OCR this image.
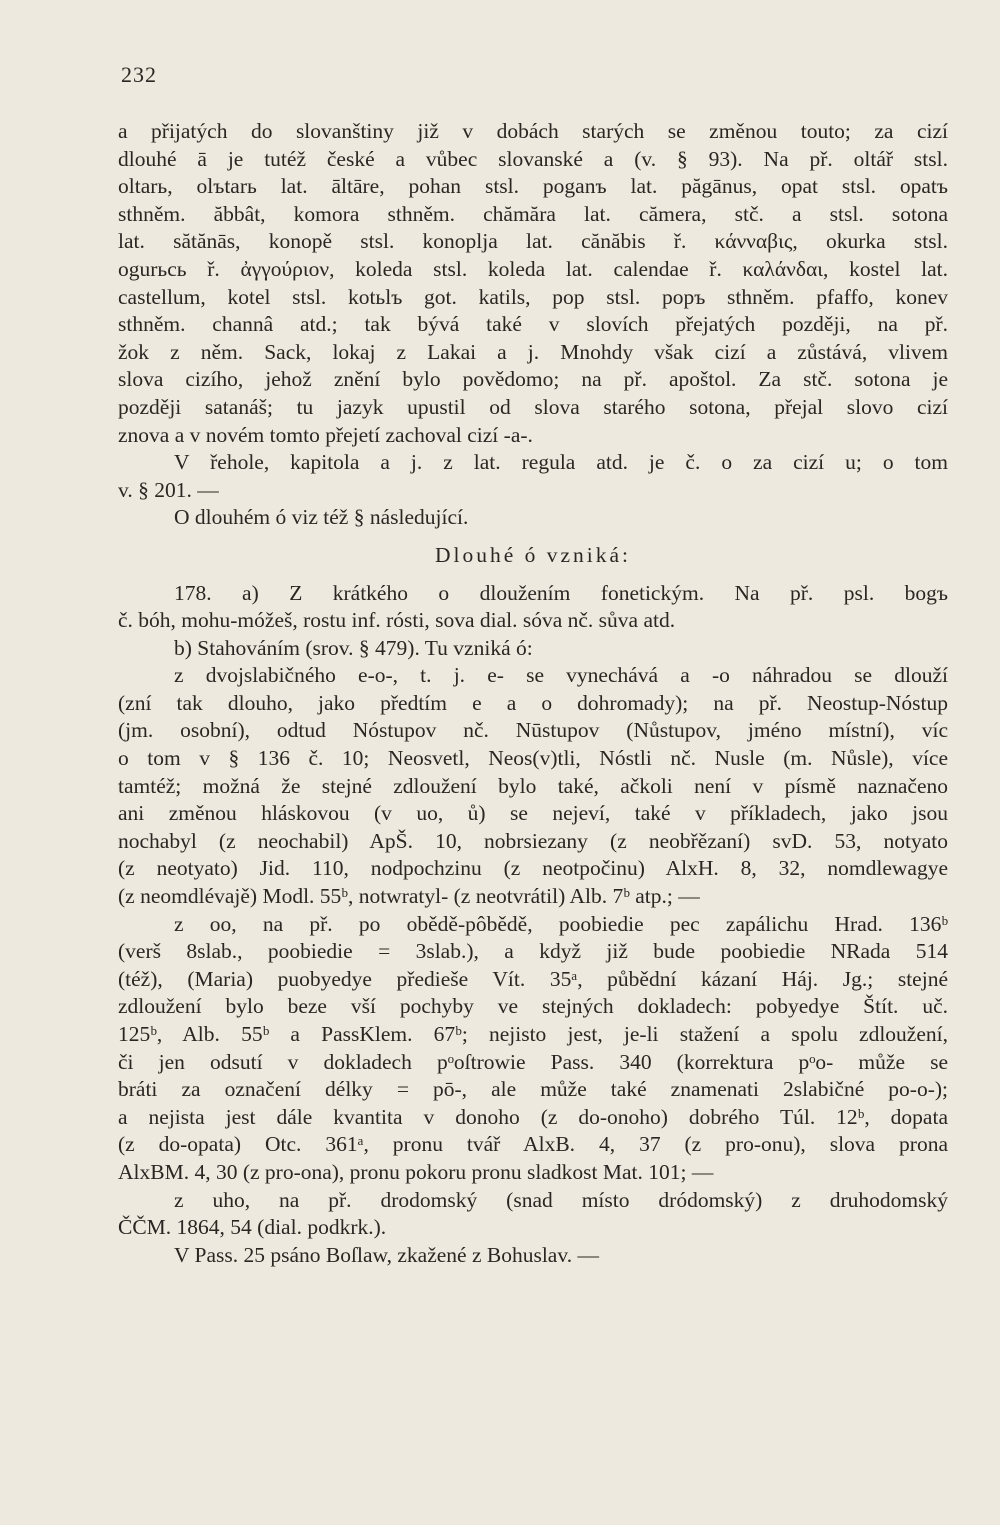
232
a přijatých do slovanštiny již v dobách starých se změnou touto; za cizí
dlouhé ā je tutéž české a vůbec slovanské a (v. § 93). Na př. oltář stsl.
oltarь, olъtarь lat. āltāre, pohan stsl. poganъ lat. păgānus, opat stsl. opatъ
sthněm. ăbbât, komora sthněm. chămăra lat. cămera, stč. a stsl. sotona
lat. sătănās, konopě stsl. konoplja lat. cănăbis ř. κάνναβις, okurka stsl.
ogurьcь ř. ἀγγούριον, koleda stsl. koleda lat. calendae ř. καλάνδαι, kostel lat.
castellum, kotel stsl. kotьlъ got. katils, pop stsl. popъ sthněm. pfaffo, konev
sthněm. channâ atd.; tak bývá také v slovích přejatých později, na př.
žok z něm. Sack, lokaj z Lakai a j. Mnohdy však cizí a zůstává, vlivem
slova cizího, jehož znění bylo povědomo; na př. apoštol. Za stč. sotona je
později satanáš; tu jazyk upustil od slova starého sotona, přejal slovo cizí
znova a v novém tomto přejetí zachoval cizí -a-.
V řehole, kapitola a j. z lat. regula atd. je č. o za cizí u; o tom
v. § 201. —
O dlouhém ó viz též § následující.
Dlouhé ó vzniká:
178. a) Z krátkého o dloužením fonetickým. Na př. psl. bogъ
č. bóh, mohu-móžeš, rostu inf. rósti, sova dial. sóva nč. sůva atd.
b) Stahováním (srov. § 479). Tu vzniká ó:
z dvojslabičného e-o-, t. j. e- se vynechává a -o náhradou se dlouží
(zní tak dlouho, jako předtím e a o dohromady); na př. Neostup-Nóstup
(jm. osobní), odtud Nóstupov nč. Nūstupov (Nůstupov, jméno místní), víc
o tom v § 136 č. 10; Neosvetl, Neos(v)tli, Nóstli nč. Nusle (m. Nůsle), více
tamtéž; možná že stejné zdloužení bylo také, ačkoli není v písmě naznačeno
ani změnou hláskovou (v uo, ů) se nejeví, také v příkladech, jako jsou
nochabyl (z neochabil) ApŠ. 10, nobrsiezany (z neobřězaní) svD. 53, notyato
(z neotyato) Jid. 110, nodpochzinu (z neotpočinu) AlxH. 8, 32, nomdlewagye
(z neomdlévajě) Modl. 55ᵇ, notwratyl- (z neotvrátil) Alb. 7ᵇ atp.; —
z oo, na př. po obědě-pôbědě, poobiedie pec zapálichu Hrad. 136ᵇ
(verš 8slab., poobiedie = 3slab.), a když již bude poobiedie NRada 514
(též), (Maria) puobyedye předieše Vít. 35ᵃ, půbědní kázaní Háj. Jg.; stejné
zdloužení bylo beze vší pochyby ve stejných dokladech: pobyedye Štít. uč.
125ᵇ, Alb. 55ᵇ a PassKlem. 67ᵇ; nejisto jest, je-li stažení a spolu zdloužení,
či jen odsutí v dokladech pᵒoſtrowie Pass. 340 (korrektura pᵒo- může se
bráti za označení délky = pō-, ale může také znamenati 2slabičné po-o-);
a nejista jest dále kvantita v donoho (z do-onoho) dobrého Túl. 12ᵇ, dopata
(z do-opata) Otc. 361ᵃ, pronu tvář AlxB. 4, 37 (z pro-onu), slova prona
AlxBM. 4, 30 (z pro-ona), pronu pokoru pronu sladkost Mat. 101; —
z uho, na př. drodomský (snad místo dródomský) z druhodomský
ČČM. 1864, 54 (dial. podkrk.).
V Pass. 25 psáno Boſlaw, zkažené z Bohuslav. —
